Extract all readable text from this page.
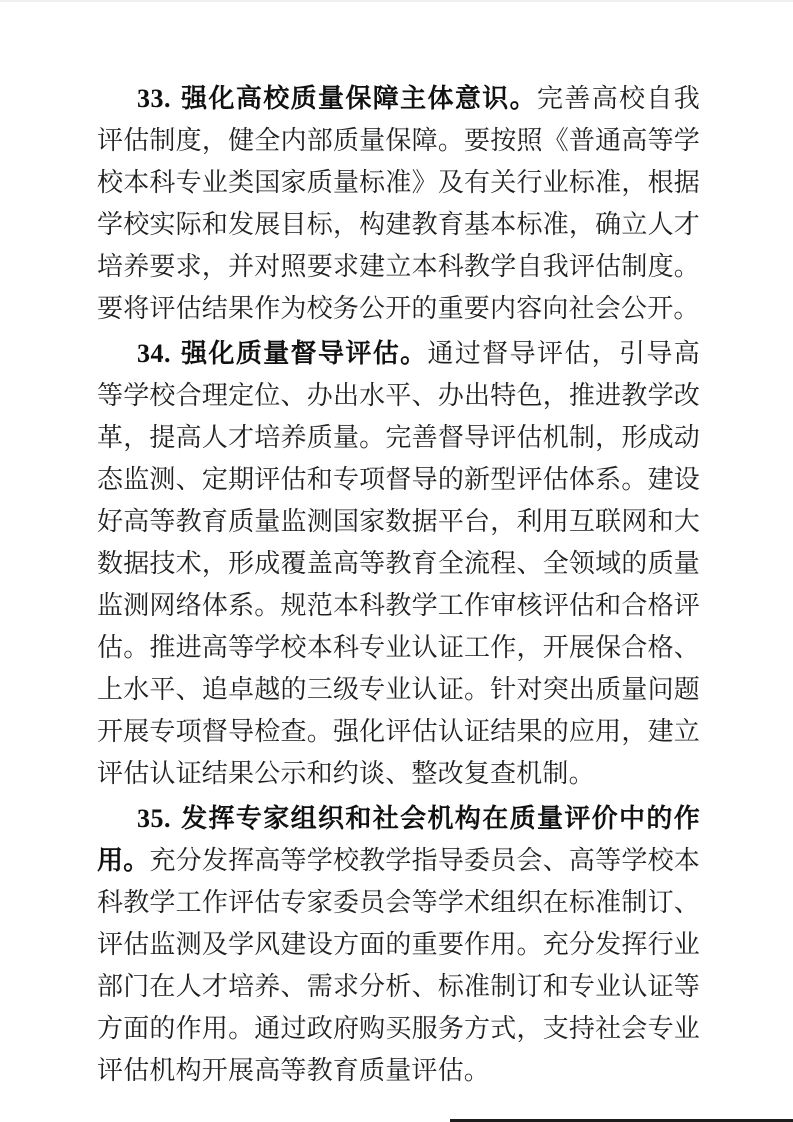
33. 强化高校质量保障主体意识。完善高校自我评估制度，健全内部质量保障。要按照《普通高等学校本科专业类国家质量标准》及有关行业标准，根据学校实际和发展目标，构建教育基本标准，确立人才培养要求，并对照要求建立本科教学自我评估制度。要将评估结果作为校务公开的重要内容向社会公开。

34. 强化质量督导评估。通过督导评估，引导高等学校合理定位、办出水平、办出特色，推进教学改革，提高人才培养质量。完善督导评估机制，形成动态监测、定期评估和专项督导的新型评估体系。建设好高等教育质量监测国家数据平台，利用互联网和大数据技术，形成覆盖高等教育全流程、全领域的质量监测网络体系。规范本科教学工作审核评估和合格评估。推进高等学校本科专业认证工作，开展保合格、上水平、追卓越的三级专业认证。针对突出质量问题开展专项督导检查。强化评估认证结果的应用，建立评估认证结果公示和约谈、整改复查机制。

35. 发挥专家组织和社会机构在质量评价中的作用。充分发挥高等学校教学指导委员会、高等学校本科教学工作评估专家委员会等学术组织在标准制订、评估监测及学风建设方面的重要作用。充分发挥行业部门在人才培养、需求分析、标准制订和专业认证等方面的作用。通过政府购买服务方式，支持社会专业评估机构开展高等教育质量评估。
